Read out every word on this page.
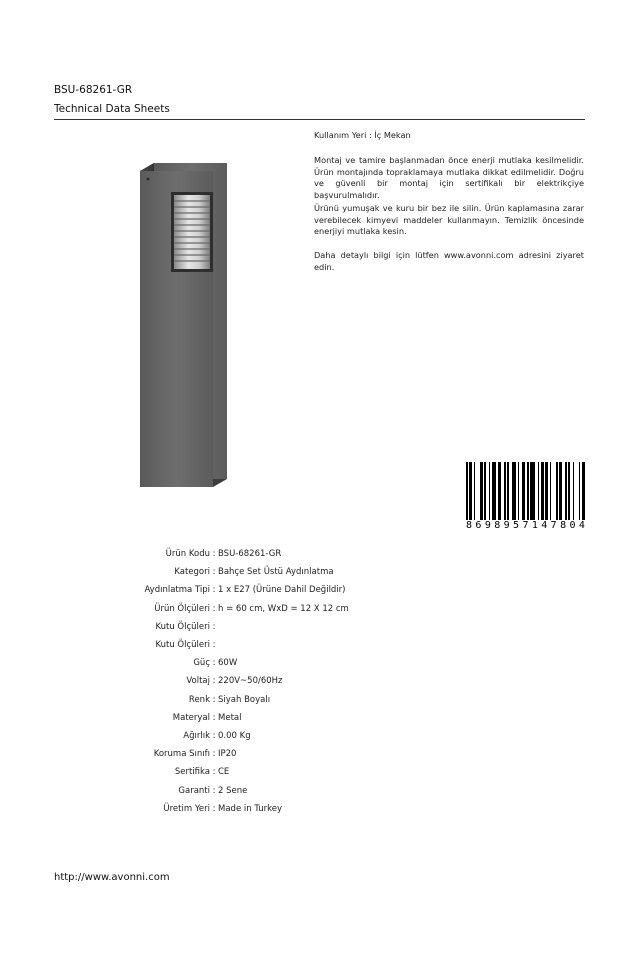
BSU-68261-GR
Technical Data Sheets

Kullanım Yeri : İç Mekan

Montaj ve tamire başlanmadan önce enerji mutlaka kesilmelidir. Ürün montajında topraklamaya mutlaka dikkat edilmelidir. Doğru ve güvenli bir montaj için sertifikalı bir elektrikçiye başvurulmalıdır.

Ürünü yumuşak ve kuru bir bez ile silin. Ürün kaplamasına zarar verebilecek kimyevi maddeler kullanmayın. Temizlik öncesinde enerjiyi mutlaka kesin.

Daha detaylı bilgi için lütfen www.avonni.com adresini ziyaret edin.

8 6 9 8 9 5 7 1 4 7 8 0 4
Ürün Kodu : BSU-68261-GR
Kategori : Bahçe Set Üstü Aydınlatma
Aydınlatma Tipi : 1 x E27 (Ürüne Dahil Değildir)
Ürün Ölçüleri : h = 60 cm, WxD = 12 X 12 cm
Kutu Ölçüleri :
Kutu Ölçüleri :
Güç : 60W
Voltaj : 220V~50/60Hz
Renk : Siyah Boyalı
Materyal : Metal
Ağırlık : 0.00 Kg
Koruma Sınıfı : IP20
Sertifika : CE
Garanti : 2 Sene
Üretim Yeri : Made in Turkey
http://www.avonni.com
